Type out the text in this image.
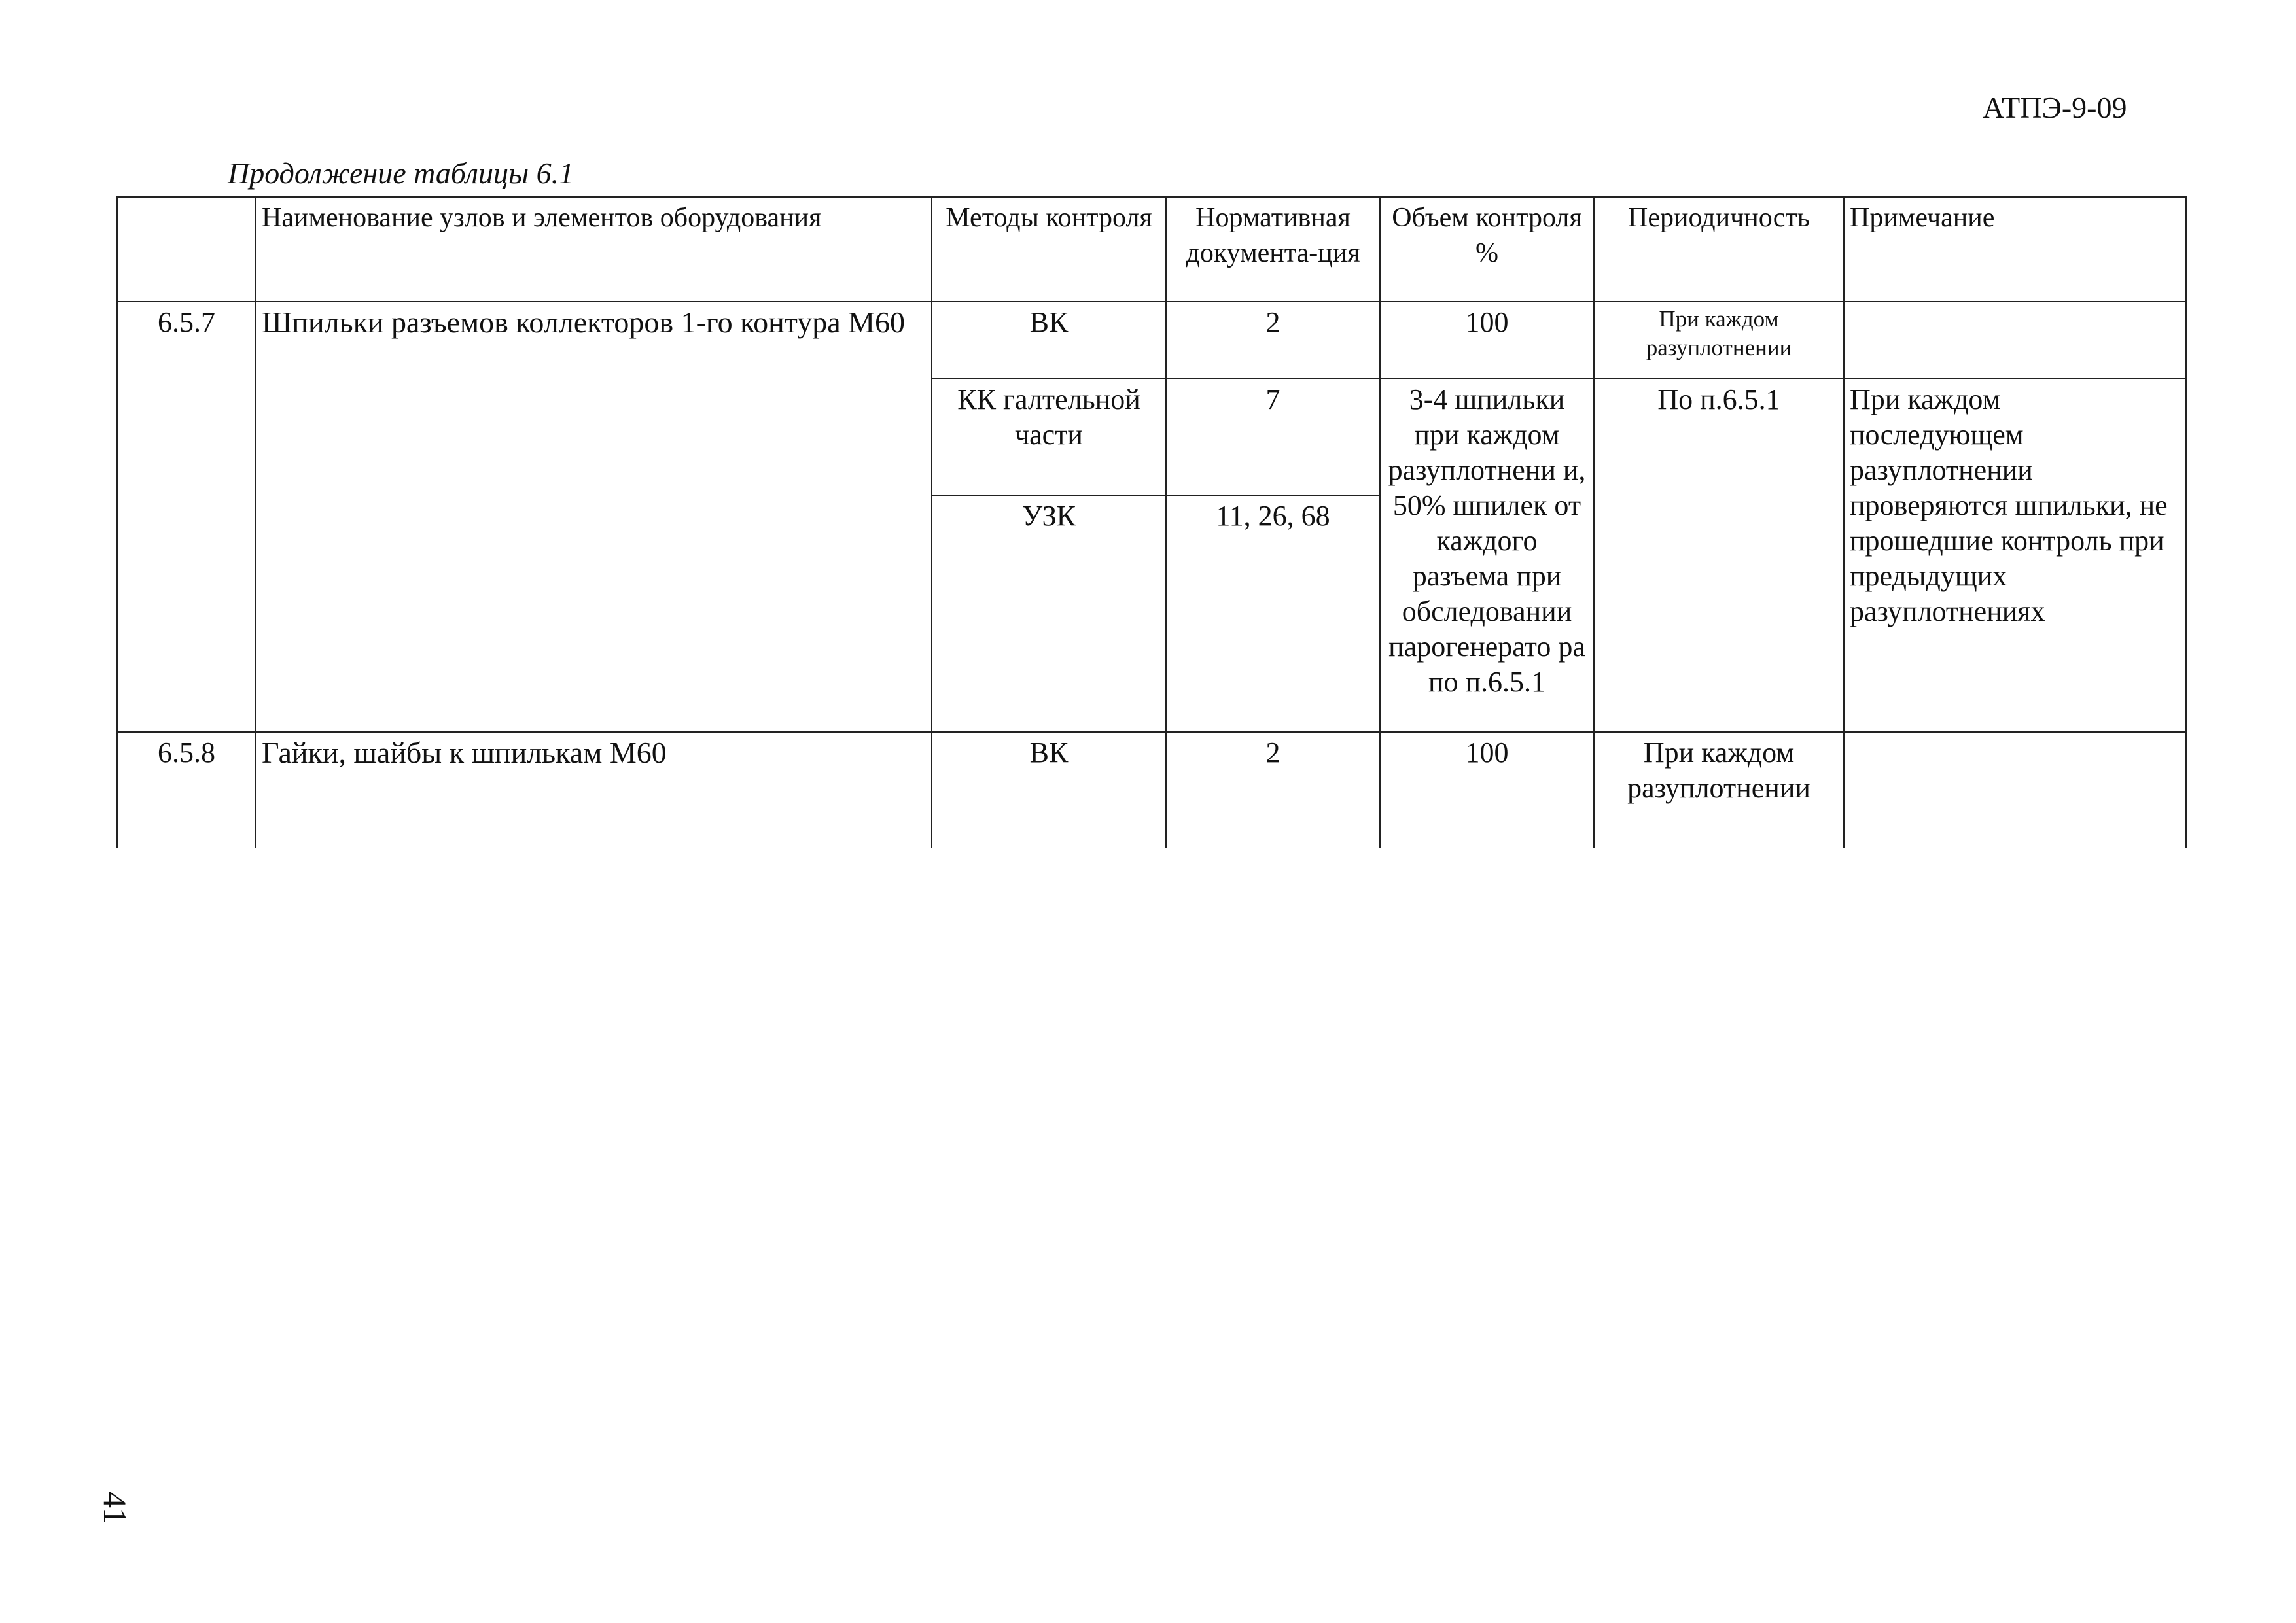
АТПЭ-9-09
Продолжение таблицы 6.1
	Наименование узлов и элементов оборудования	Методы контроля	Нормативная документа-ция	Объем контроля %	Периодичность	Примечание
6.5.7	Шпильки разъемов коллекторов 1-го контура М60	ВК	2	100	При каждом разуплотнении	
		КК галтельной части	7	3-4 шпильки при каждом разуплотнени и, 50% шпилек от каждого разъема при обследовании парогенерато ра по п.6.5.1	По п.6.5.1	При каждом последующем разуплотнении проверяются шпильки, не прошедшие контроль при предыдущих разуплотнениях
		УЗК	11, 26, 68			
6.5.8	Гайки, шайбы к шпилькам М60	ВК	2	100	При каждом разуплотнении	
41
